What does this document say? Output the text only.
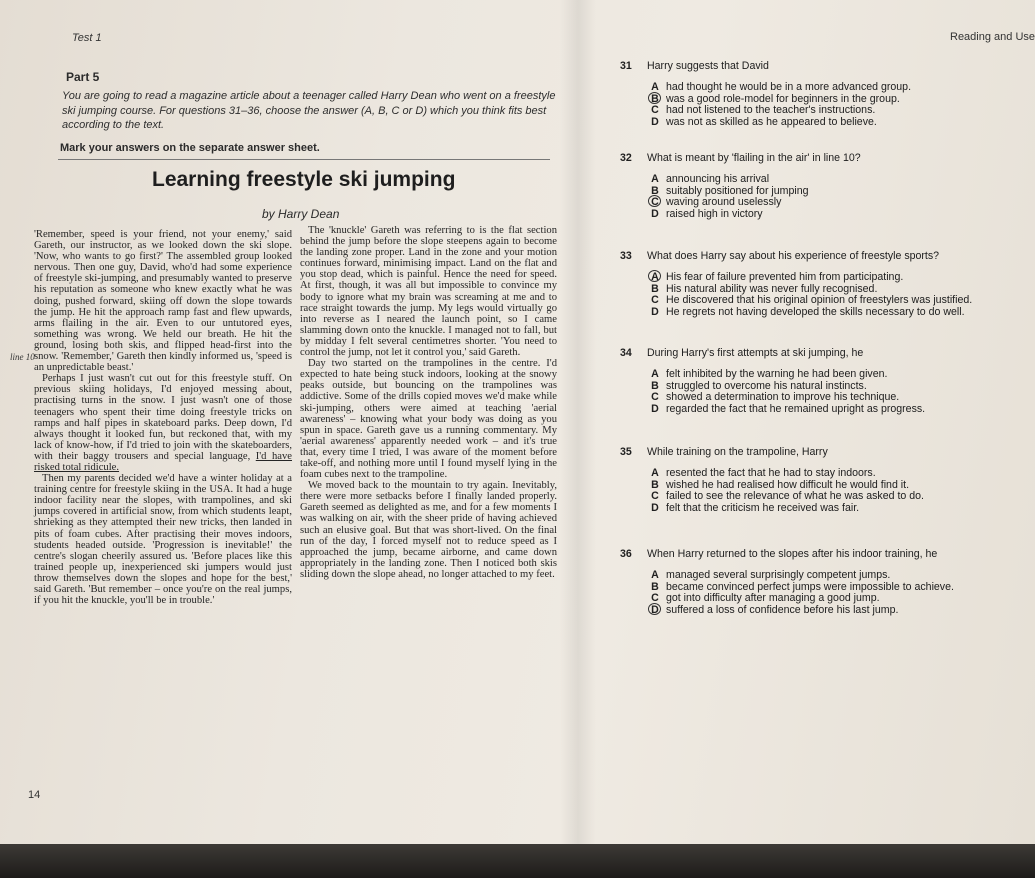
Test 1	Reading and Use
Part 5
You are going to read a magazine article about a teenager called Harry Dean who went on a freestyle ski jumping course. For questions 31–36, choose the answer (A, B, C or D) which you think fits best according to the text.
Mark your answers on the separate answer sheet.
Learning freestyle ski jumping
by Harry Dean
line 10

'Remember, speed is your friend, not your enemy,' said Gareth, our instructor, as we looked down the ski slope. 'Now, who wants to go first?' The assembled group looked nervous. Then one guy, David, who'd had some experience of freestyle ski-jumping, and presumably wanted to preserve his reputation as someone who knew exactly what he was doing, pushed forward, skiing off down the slope towards the jump. He hit the approach ramp fast and flew upwards, arms flailing in the air. Even to our untutored eyes, something was wrong. We held our breath. He hit the ground, losing both skis, and flipped head-first into the snow. 'Remember,' Gareth then kindly informed us, 'speed is an unpredictable beast.'

Perhaps I just wasn't cut out for this freestyle stuff. On previous skiing holidays, I'd enjoyed messing about, practising turns in the snow. I just wasn't one of those teenagers who spent their time doing freestyle tricks on ramps and half pipes in skateboard parks. Deep down, I'd always thought it looked fun, but reckoned that, with my lack of know-how, if I'd tried to join with the skateboarders, with their baggy trousers and special language, I'd have risked total ridicule.

Then my parents decided we'd have a winter holiday at a training centre for freestyle skiing in the USA. It had a huge indoor facility near the slopes, with trampolines, and ski jumps covered in artificial snow, from which students leapt, shrieking as they attempted their new tricks, then landed in pits of foam cubes. After practising their moves indoors, students headed outside. 'Progression is inevitable!' the centre's slogan cheerily assured us. 'Before places like this trained people up, inexperienced ski jumpers would just throw themselves down the slopes and hope for the best,' said Gareth. 'But remember – once you're on the real jumps, if you hit the knuckle, you'll be in trouble.'

The 'knuckle' Gareth was referring to is the flat section behind the jump before the slope steepens again to become the landing zone proper. Land in the zone and your motion continues forward, minimising impact. Land on the flat and you stop dead, which is painful. Hence the need for speed. At first, though, it was all but impossible to convince my body to ignore what my brain was screaming at me and to race straight towards the jump. My legs would virtually go into reverse as I neared the launch point, so I came slamming down onto the knuckle. I managed not to fall, but by midday I felt several centimetres shorter. 'You need to control the jump, not let it control you,' said Gareth.

Day two started on the trampolines in the centre. I'd expected to hate being stuck indoors, looking at the snowy peaks outside, but bouncing on the trampolines was addictive. Some of the drills copied moves we'd make while ski-jumping, others were aimed at teaching 'aerial awareness' – knowing what your body was doing as you spun in space. Gareth gave us a running commentary. My 'aerial awareness' apparently needed work – and it's true that, every time I tried, I was aware of the moment before take-off, and nothing more until I found myself lying in the foam cubes next to the trampoline.

We moved back to the mountain to try again. Inevitably, there were more setbacks before I finally landed properly. Gareth seemed as delighted as me, and for a few moments I was walking on air, with the sheer pride of having achieved such an elusive goal. But that was short-lived. On the final run of the day, I forced myself not to reduce speed as I approached the jump, became airborne, and came down appropriately in the landing zone. Then I noticed both skis sliding down the slope ahead, no longer attached to my feet.

14
31 Harry suggests that David
A had thought he would be in a more advanced group.
B was a good role-model for beginners in the group.
C had not listened to the teacher's instructions.
D was not as skilled as he appeared to believe.
32 What is meant by 'flailing in the air' in line 10?
A announcing his arrival
B suitably positioned for jumping
C waving around uselessly
D raised high in victory
33 What does Harry say about his experience of freestyle sports?
A His fear of failure prevented him from participating.
B His natural ability was never fully recognised.
C He discovered that his original opinion of freestylers was justified.
D He regrets not having developed the skills necessary to do well.
34 During Harry's first attempts at ski jumping, he
A felt inhibited by the warning he had been given.
B struggled to overcome his natural instincts.
C showed a determination to improve his technique.
D regarded the fact that he remained upright as progress.
35 While training on the trampoline, Harry
A resented the fact that he had to stay indoors.
B wished he had realised how difficult he would find it.
C failed to see the relevance of what he was asked to do.
D felt that the criticism he received was fair.
36 When Harry returned to the slopes after his indoor training, he
A managed several surprisingly competent jumps.
B became convinced perfect jumps were impossible to achieve.
C got into difficulty after managing a good jump.
D suffered a loss of confidence before his last jump.
